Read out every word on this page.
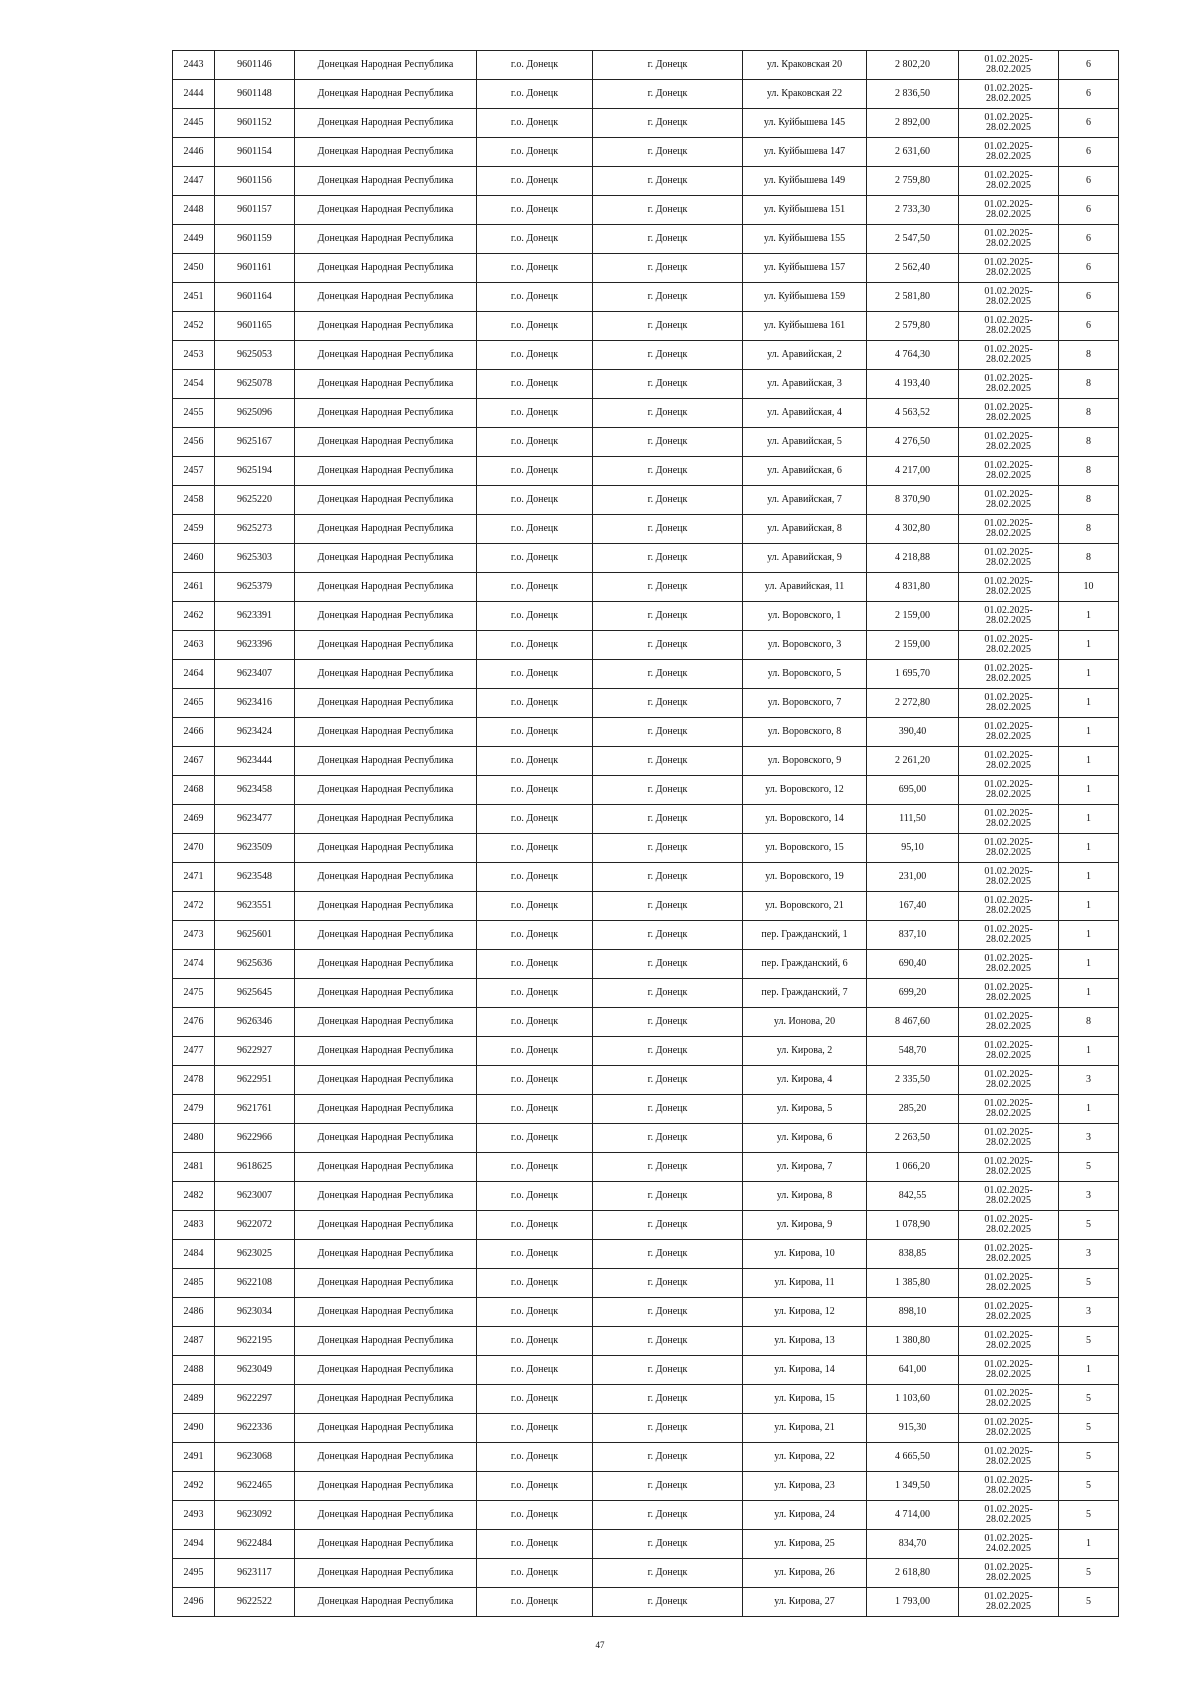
2443	9601146	Донецкая Народная Республика	г.о. Донецк	г. Донецк	ул. Краковская 20	2 802,20	01.02.2025-
28.02.2025	6
2444	9601148	Донецкая Народная Республика	г.о. Донецк	г. Донецк	ул. Краковская 22	2 836,50	01.02.2025-
28.02.2025	6
2445	9601152	Донецкая Народная Республика	г.о. Донецк	г. Донецк	ул. Куйбышева 145	2 892,00	01.02.2025-
28.02.2025	6
2446	9601154	Донецкая Народная Республика	г.о. Донецк	г. Донецк	ул. Куйбышева 147	2 631,60	01.02.2025-
28.02.2025	6
2447	9601156	Донецкая Народная Республика	г.о. Донецк	г. Донецк	ул. Куйбышева 149	2 759,80	01.02.2025-
28.02.2025	6
2448	9601157	Донецкая Народная Республика	г.о. Донецк	г. Донецк	ул. Куйбышева 151	2 733,30	01.02.2025-
28.02.2025	6
2449	9601159	Донецкая Народная Республика	г.о. Донецк	г. Донецк	ул. Куйбышева 155	2 547,50	01.02.2025-
28.02.2025	6
2450	9601161	Донецкая Народная Республика	г.о. Донецк	г. Донецк	ул. Куйбышева 157	2 562,40	01.02.2025-
28.02.2025	6
2451	9601164	Донецкая Народная Республика	г.о. Донецк	г. Донецк	ул. Куйбышева 159	2 581,80	01.02.2025-
28.02.2025	6
2452	9601165	Донецкая Народная Республика	г.о. Донецк	г. Донецк	ул. Куйбышева 161	2 579,80	01.02.2025-
28.02.2025	6
2453	9625053	Донецкая Народная Республика	г.о. Донецк	г. Донецк	ул. Аравийская, 2	4 764,30	01.02.2025-
28.02.2025	8
2454	9625078	Донецкая Народная Республика	г.о. Донецк	г. Донецк	ул. Аравийская, 3	4 193,40	01.02.2025-
28.02.2025	8
2455	9625096	Донецкая Народная Республика	г.о. Донецк	г. Донецк	ул. Аравийская, 4	4 563,52	01.02.2025-
28.02.2025	8
2456	9625167	Донецкая Народная Республика	г.о. Донецк	г. Донецк	ул. Аравийская, 5	4 276,50	01.02.2025-
28.02.2025	8
2457	9625194	Донецкая Народная Республика	г.о. Донецк	г. Донецк	ул. Аравийская, 6	4 217,00	01.02.2025-
28.02.2025	8
2458	9625220	Донецкая Народная Республика	г.о. Донецк	г. Донецк	ул. Аравийская, 7	8 370,90	01.02.2025-
28.02.2025	8
2459	9625273	Донецкая Народная Республика	г.о. Донецк	г. Донецк	ул. Аравийская, 8	4 302,80	01.02.2025-
28.02.2025	8
2460	9625303	Донецкая Народная Республика	г.о. Донецк	г. Донецк	ул. Аравийская, 9	4 218,88	01.02.2025-
28.02.2025	8
2461	9625379	Донецкая Народная Республика	г.о. Донецк	г. Донецк	ул. Аравийская, 11	4 831,80	01.02.2025-
28.02.2025	10
2462	9623391	Донецкая Народная Республика	г.о. Донецк	г. Донецк	ул. Воровского, 1	2 159,00	01.02.2025-
28.02.2025	1
2463	9623396	Донецкая Народная Республика	г.о. Донецк	г. Донецк	ул. Воровского, 3	2 159,00	01.02.2025-
28.02.2025	1
2464	9623407	Донецкая Народная Республика	г.о. Донецк	г. Донецк	ул. Воровского, 5	1 695,70	01.02.2025-
28.02.2025	1
2465	9623416	Донецкая Народная Республика	г.о. Донецк	г. Донецк	ул. Воровского, 7	2 272,80	01.02.2025-
28.02.2025	1
2466	9623424	Донецкая Народная Республика	г.о. Донецк	г. Донецк	ул. Воровского, 8	390,40	01.02.2025-
28.02.2025	1
2467	9623444	Донецкая Народная Республика	г.о. Донецк	г. Донецк	ул. Воровского, 9	2 261,20	01.02.2025-
28.02.2025	1
2468	9623458	Донецкая Народная Республика	г.о. Донецк	г. Донецк	ул. Воровского, 12	695,00	01.02.2025-
28.02.2025	1
2469	9623477	Донецкая Народная Республика	г.о. Донецк	г. Донецк	ул. Воровского, 14	111,50	01.02.2025-
28.02.2025	1
2470	9623509	Донецкая Народная Республика	г.о. Донецк	г. Донецк	ул. Воровского, 15	95,10	01.02.2025-
28.02.2025	1
2471	9623548	Донецкая Народная Республика	г.о. Донецк	г. Донецк	ул. Воровского, 19	231,00	01.02.2025-
28.02.2025	1
2472	9623551	Донецкая Народная Республика	г.о. Донецк	г. Донецк	ул. Воровского, 21	167,40	01.02.2025-
28.02.2025	1
2473	9625601	Донецкая Народная Республика	г.о. Донецк	г. Донецк	пер. Гражданский, 1	837,10	01.02.2025-
28.02.2025	1
2474	9625636	Донецкая Народная Республика	г.о. Донецк	г. Донецк	пер. Гражданский, 6	690,40	01.02.2025-
28.02.2025	1
2475	9625645	Донецкая Народная Республика	г.о. Донецк	г. Донецк	пер. Гражданский, 7	699,20	01.02.2025-
28.02.2025	1
2476	9626346	Донецкая Народная Республика	г.о. Донецк	г. Донецк	ул. Ионова, 20	8 467,60	01.02.2025-
28.02.2025	8
2477	9622927	Донецкая Народная Республика	г.о. Донецк	г. Донецк	ул. Кирова, 2	548,70	01.02.2025-
28.02.2025	1
2478	9622951	Донецкая Народная Республика	г.о. Донецк	г. Донецк	ул. Кирова, 4	2 335,50	01.02.2025-
28.02.2025	3
2479	9621761	Донецкая Народная Республика	г.о. Донецк	г. Донецк	ул. Кирова, 5	285,20	01.02.2025-
28.02.2025	1
2480	9622966	Донецкая Народная Республика	г.о. Донецк	г. Донецк	ул. Кирова, 6	2 263,50	01.02.2025-
28.02.2025	3
2481	9618625	Донецкая Народная Республика	г.о. Донецк	г. Донецк	ул. Кирова, 7	1 066,20	01.02.2025-
28.02.2025	5
2482	9623007	Донецкая Народная Республика	г.о. Донецк	г. Донецк	ул. Кирова, 8	842,55	01.02.2025-
28.02.2025	3
2483	9622072	Донецкая Народная Республика	г.о. Донецк	г. Донецк	ул. Кирова, 9	1 078,90	01.02.2025-
28.02.2025	5
2484	9623025	Донецкая Народная Республика	г.о. Донецк	г. Донецк	ул. Кирова, 10	838,85	01.02.2025-
28.02.2025	3
2485	9622108	Донецкая Народная Республика	г.о. Донецк	г. Донецк	ул. Кирова, 11	1 385,80	01.02.2025-
28.02.2025	5
2486	9623034	Донецкая Народная Республика	г.о. Донецк	г. Донецк	ул. Кирова, 12	898,10	01.02.2025-
28.02.2025	3
2487	9622195	Донецкая Народная Республика	г.о. Донецк	г. Донецк	ул. Кирова, 13	1 380,80	01.02.2025-
28.02.2025	5
2488	9623049	Донецкая Народная Республика	г.о. Донецк	г. Донецк	ул. Кирова, 14	641,00	01.02.2025-
28.02.2025	1
2489	9622297	Донецкая Народная Республика	г.о. Донецк	г. Донецк	ул. Кирова, 15	1 103,60	01.02.2025-
28.02.2025	5
2490	9622336	Донецкая Народная Республика	г.о. Донецк	г. Донецк	ул. Кирова, 21	915,30	01.02.2025-
28.02.2025	5
2491	9623068	Донецкая Народная Республика	г.о. Донецк	г. Донецк	ул. Кирова, 22	4 665,50	01.02.2025-
28.02.2025	5
2492	9622465	Донецкая Народная Республика	г.о. Донецк	г. Донецк	ул. Кирова, 23	1 349,50	01.02.2025-
28.02.2025	5
2493	9623092	Донецкая Народная Республика	г.о. Донецк	г. Донецк	ул. Кирова, 24	4 714,00	01.02.2025-
28.02.2025	5
2494	9622484	Донецкая Народная Республика	г.о. Донецк	г. Донецк	ул. Кирова, 25	834,70	01.02.2025-
24.02.2025	1
2495	9623117	Донецкая Народная Республика	г.о. Донецк	г. Донецк	ул. Кирова, 26	2 618,80	01.02.2025-
28.02.2025	5
2496	9622522	Донецкая Народная Республика	г.о. Донецк	г. Донецк	ул. Кирова, 27	1 793,00	01.02.2025-
28.02.2025	5
47
